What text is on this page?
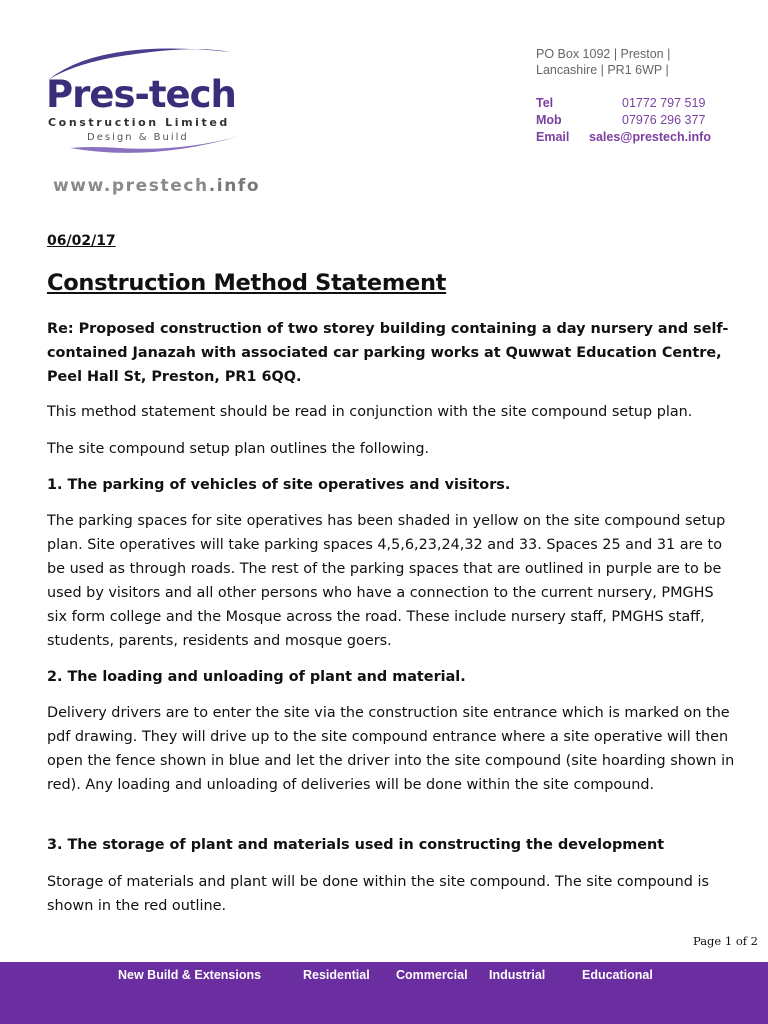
Pres-tech
Construction Limited
Design & Build
www.prestech.info
PO Box 1092 | Preston |
Lancashire | PR1 6WP |
Tel	01772 797 519
Mob	07976 296 377
Email	sales@prestech.info
06/02/17
Construction Method Statement
Re: Proposed construction of two storey building containing a day nursery and self-contained Janazah with associated car parking works at Quwwat Education Centre, Peel Hall St, Preston, PR1 6QQ.
This method statement should be read in conjunction with the site compound setup plan.
The site compound setup plan outlines the following.
1. The parking of vehicles of site operatives and visitors.
The parking spaces for site operatives has been shaded in yellow on the site compound setup plan. Site operatives will take parking spaces 4,5,6,23,24,32 and 33. Spaces 25 and 31 are to be used as through roads. The rest of the parking spaces that are outlined in purple are to be used by visitors and all other persons who have a connection to the current nursery, PMGHS six form college and the Mosque across the road. These include nursery staff, PMGHS staff, students, parents, residents and mosque goers.
2. The loading and unloading of plant and material.
Delivery drivers are to enter the site via the construction site entrance which is marked on the pdf drawing. They will drive up to the site compound entrance where a site operative will then open the fence shown in blue and let the driver into the site compound (site hoarding shown in red). Any loading and unloading of deliveries will be done within the site compound.
3. The storage of plant and materials used in constructing the development
Storage of materials and plant will be done within the site compound. The site compound is shown in the red outline.
Page 1 of 2
New Build & Extensions	Residential Commercial Industrial	Educational
